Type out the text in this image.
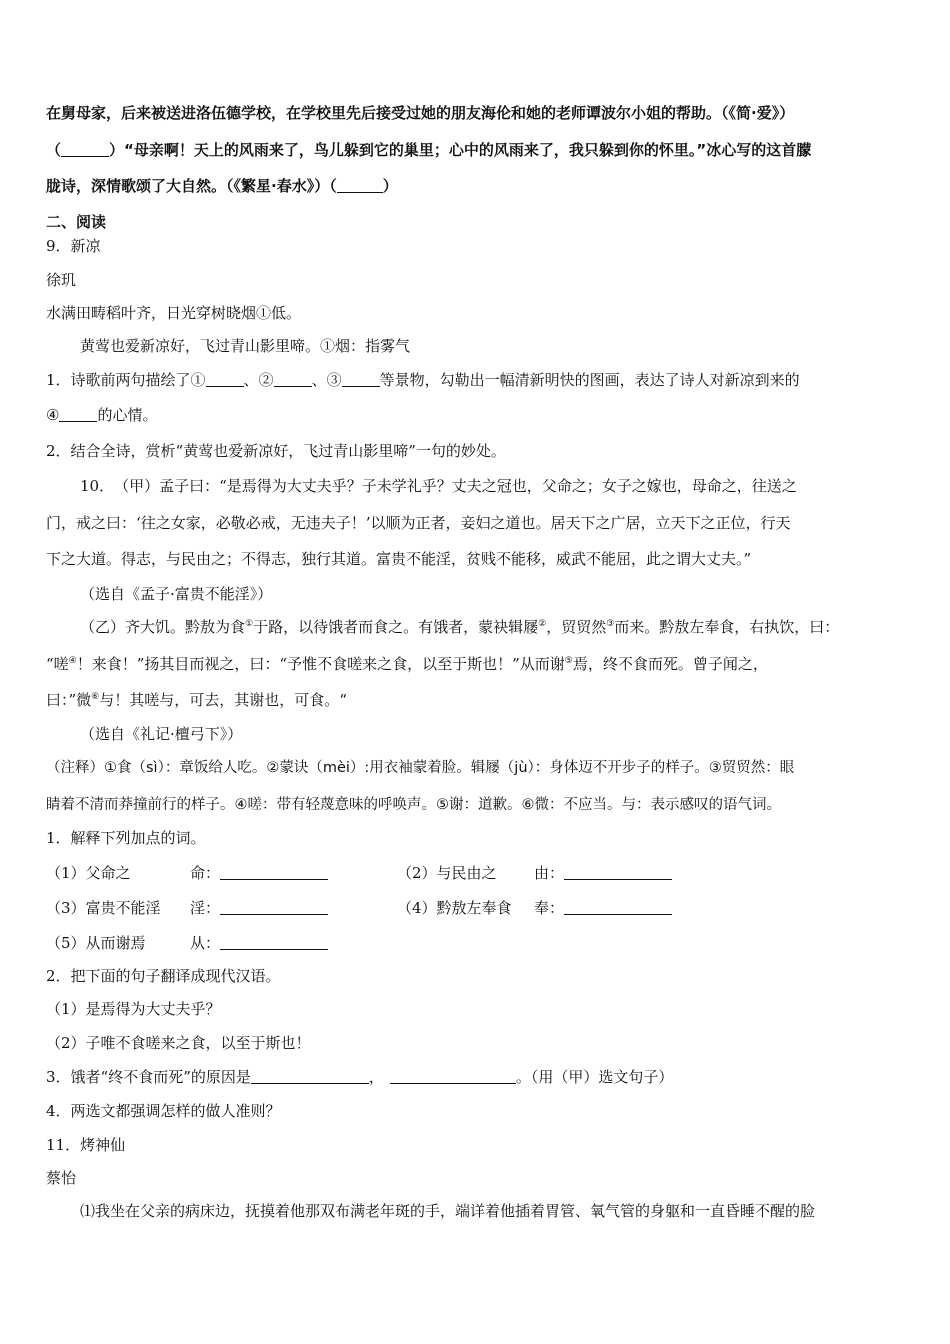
在舅母家，后来被送进洛伍德学校，在学校里先后接受过她的朋友海伦和她的老师谭波尔小姐的帮助。（《简·爱》）
（	）“母亲啊！天上的风雨来了，鸟儿躲到它的巢里；心中的风雨来了，我只躲到你的怀里。”冰心写的这首朦
胧诗，深情歌颂了大自然。（《繁星·春水》）（	）
二、阅读
9．新凉
徐玑
水满田畴稻叶齐，日光穿树晓烟①低。
黄莺也爱新凉好，飞过青山影里啼。①烟：指雾气
1．诗歌前两句描绘了①	、②	、③	等景物，勾勒出一幅清新明快的图画，表达了诗人对新凉到来的
④	的心情。
2．结合全诗，赏析“黄莺也爱新凉好，飞过青山影里啼”一句的妙处。
10．　（甲）孟子曰：“是焉得为大丈夫乎？子未学礼乎？丈夫之冠也，父命之；女子之嫁也，母命之，往送之
门，戒之曰：‘往之女家，必敬必戒，无违夫子！’以顺为正者，妾妇之道也。居天下之广居，立天下之正位，行天
下之大道。得志，与民由之；不得志，独行其道。富贵不能淫，贫贱不能移，威武不能屈，此之谓大丈夫。”
（选自《孟子·富贵不能淫》）
（乙）齐大饥。黔敖为食①于路，以待饿者而食之。有饿者，蒙袂辑屦②，贸贸然③而来。黔敖左奉食，右执饮，曰：
“嗟④！来食！”扬其目而视之，曰：“予惟不食嗟来之食，以至于斯也！”从而谢⑤焉，终不食而死。曾子闻之，
曰：”微⑥与！其嗟与，可去，其谢也，可食。“
（选自《礼记·檀弓下》）
（注释）①食（sì）：章饭给人吃。②蒙诀（mèi）:用衣袖蒙着脸。辑屦（jù）：身体迈不开步子的样子。③贸贸然：眼
睛着不清而莽撞前行的样子。④嗟：带有轻蔑意味的呼唤声。⑤谢：道歉。⑥微：不应当。与：表示感叹的语气词。
1．解释下列加点的词。
（1）父命之	命：	（2）与民由之 由：
（3）富贵不能淫 淫：	（4）黔敖左奉食 奉：
（5）从而谢焉	从：
2．把下面的句子翻译成现代汉语。
（1）是焉得为大丈夫乎？
（2）子唯不食嗟来之食，以至于斯也！
3．饿者“终不食而死”的原因是	，	。（用（甲）选文句子）
4．两选文都强调怎样的做人准则？
11．烤神仙
蔡怡
⑴我坐在父亲的病床边，抚摸着他那双布满老年斑的手，端详着他插着胃管、氧气管的身躯和一直昏睡不醒的脸
